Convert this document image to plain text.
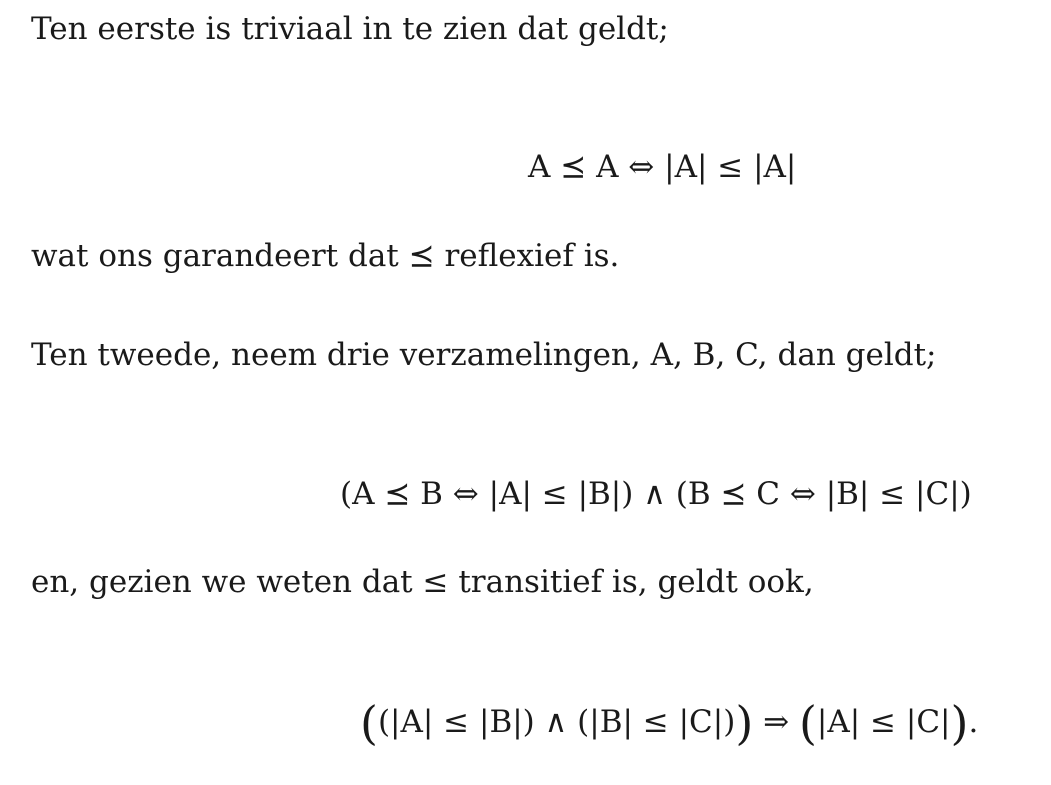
Ten eerste is triviaal in te zien dat geldt;
A ⪯ A ⇔ |A| ≤ |A|
wat ons garandeert dat ⪯ reflexief is.
Ten tweede, neem drie verzamelingen, A, B, C, dan geldt;
(A ⪯ B ⇔ |A| ≤ |B|) ∧ (B ⪯ C ⇔ |B| ≤ |C|)
en, gezien we weten dat ≤ transitief is, geldt ook,
((|A| ≤ |B|) ∧ (|B| ≤ |C|)) ⇒ (|A| ≤ |C|).
